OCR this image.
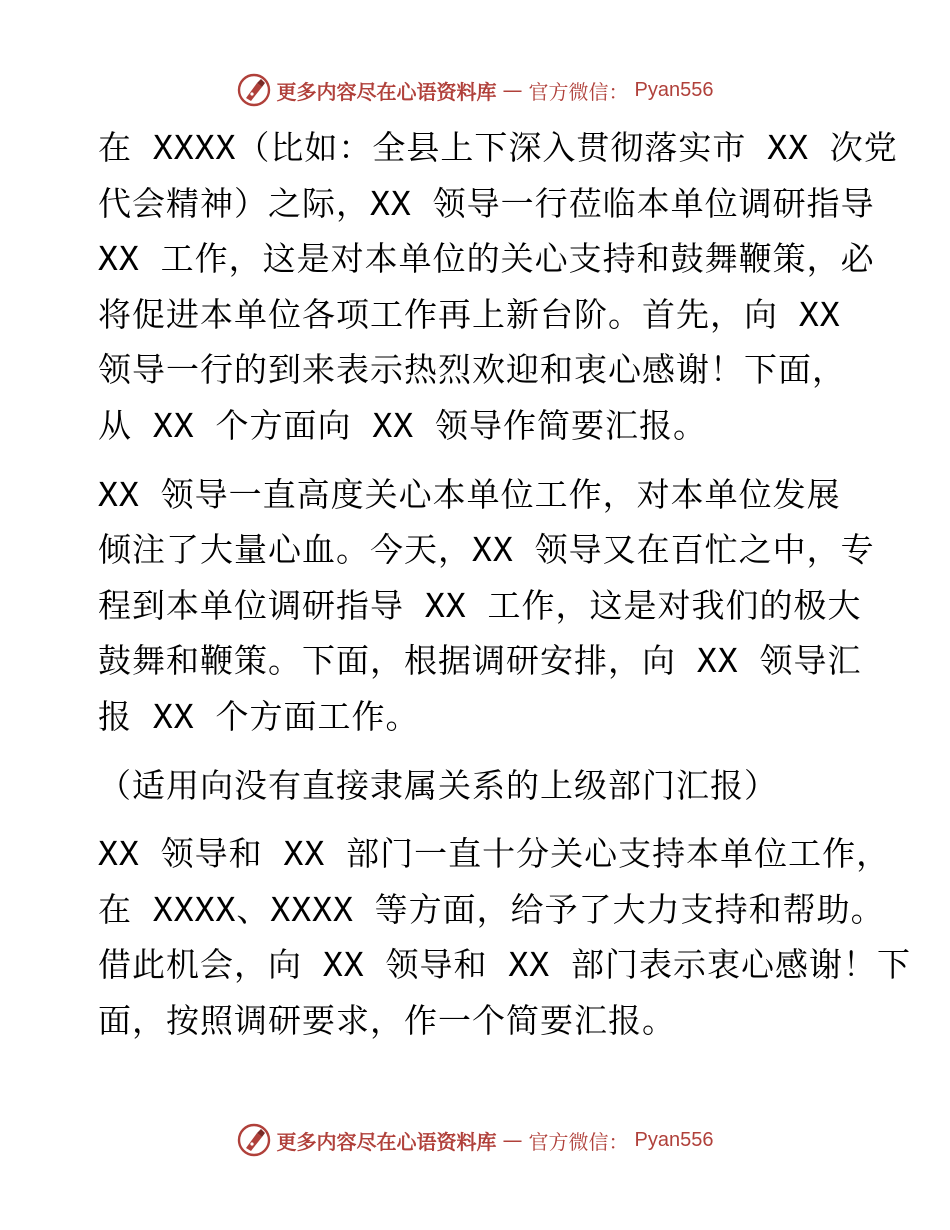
更多内容尽在心语资料库 — 官方微信： Pyan556

在 XXXX（比如：全县上下深入贯彻落实市 XX 次党
代会精神）之际，XX 领导一行莅临本单位调研指导
XX 工作，这是对本单位的关心支持和鼓舞鞭策，必
将促进本单位各项工作再上新台阶。首先，向 XX
领导一行的到来表示热烈欢迎和衷心感谢！下面，
从 XX 个方面向 XX 领导作简要汇报。

XX 领导一直高度关心本单位工作，对本单位发展
倾注了大量心血。今天，XX 领导又在百忙之中，专
程到本单位调研指导 XX 工作，这是对我们的极大
鼓舞和鞭策。下面，根据调研安排，向 XX 领导汇
报 XX 个方面工作。

（适用向没有直接隶属关系的上级部门汇报）

XX 领导和 XX 部门一直十分关心支持本单位工作，
在 XXXX、XXXX 等方面，给予了大力支持和帮助。
借此机会，向 XX 领导和 XX 部门表示衷心感谢！下
面，按照调研要求，作一个简要汇报。

更多内容尽在心语资料库 — 官方微信： Pyan556
